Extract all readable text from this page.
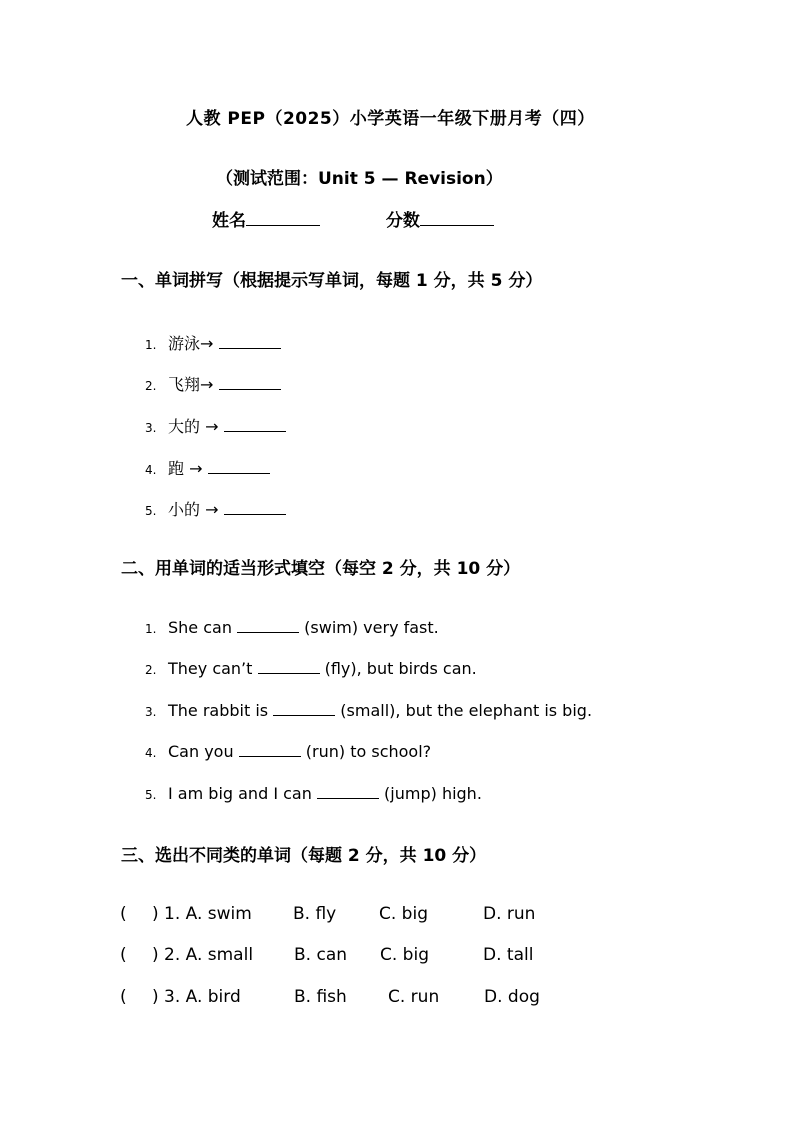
人教 PEP（2025）小学英语一年级下册月考（四）
（测试范围：Unit 5 — Revision）
姓名	分数
一、单词拼写（根据提示写单词，每题 1 分，共 5 分）
1. 游泳→
2. 飞翔→
3. 大的 →
4. 跑 →
5. 小的 →
二、用单词的适当形式填空（每空 2 分，共 10 分）
1. She can	(swim) very fast.
2. They can’t	(fly), but birds can.
3. The rabbit is	(small), but the elephant is big.
4. Can you	(run) to school?
5. I am big and I can	(jump) high.
三、选出不同类的单词（每题 2 分，共 10 分）
( ) 1. A. swim B. fly	C. big	D. run
( ) 2. A. small B. can C. big	D. tall
( ) 3. A. bird	B. fish C. run	D. dog
